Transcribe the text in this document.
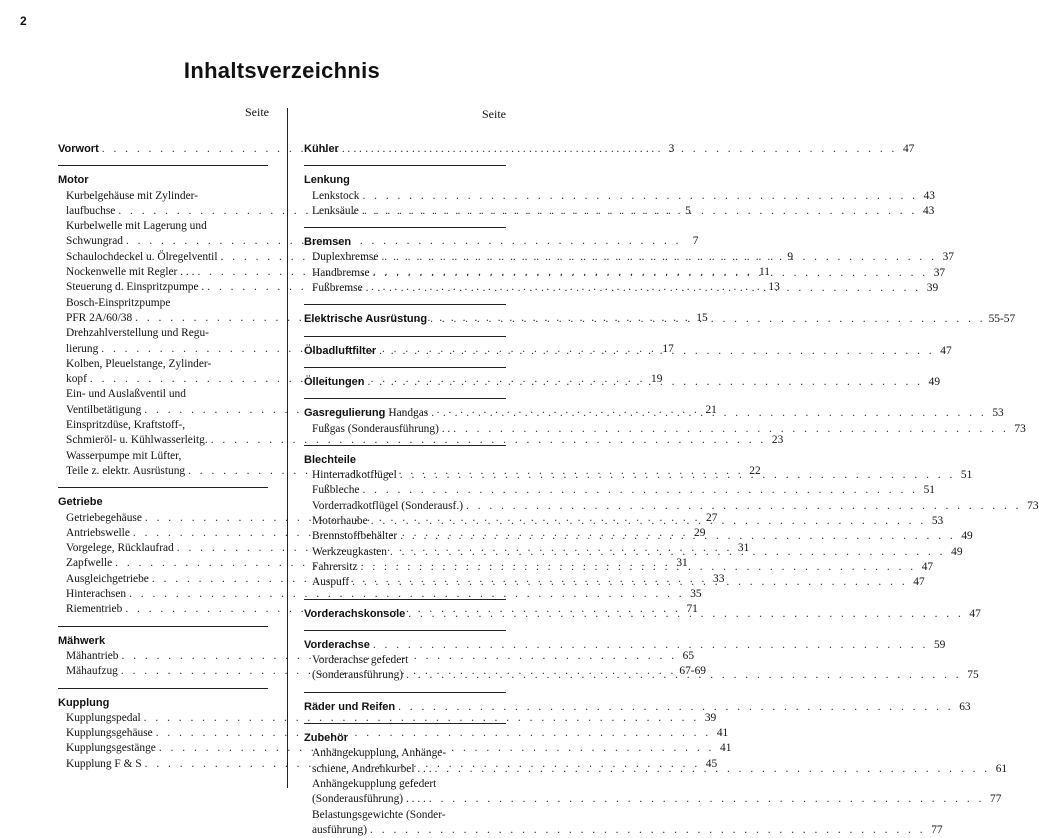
2
Inhaltsverzeichnis
Seite
Vorwort . . .	3
Motor
Kurbelgehäuse mit Zylinder-
laufbuchse . . .	5
Kurbelwelle mit Lagerung und
Schwungrad . . .	7
Schaulochdeckel u. Ölregelventil . . .	9
Nockenwelle mit Regler . . . . . .	11
Steuerung d. Einspritzpumpe . . . .	13
Bosch-Einspritzpumpe
PFR 2A/60/38 . . .	15
Drehzahlverstellung und Regu-
lierung . . .	17
Kolben, Pleuelstange, Zylinder-
kopf . . .	19
Ein- und Auslaßventil und
Ventilbetätigung . . .	21
Einspritzdüse, Kraftstoff-,
Schmieröl- u. Kühlwasserleitg. . . .	23
Wasserpumpe mit Lüfter,
Teile z. elektr. Ausrüstung . . .	22
Getriebe
Getriebegehäuse . . .	27
Antriebswelle . . .	29
Vorgelege, Rücklaufrad . . .	31
Zapfwelle . . .	31
Ausgleichgetriebe . . .	33
Hinterachsen . . .	35
Riementrieb . . .	71
Mähwerk
Mähantrieb . . .	65
Mähaufzug . . .	67-69
Kupplung
Kupplungspedal . . .	39
Kupplungsgehäuse . . .	41
Kupplungsgestänge . . .	41
Kupplung F & S . . .	45
Seite
Kühler . . .	47
Lenkung
Lenkstock . . .	43
Lenksäule . . .	43
Bremsen
Duplexbremse . . .	37
Handbremse . . .	37
Fußbremse . . .	39
Elektrische Ausrüstung . . .	55-57
Ölbadluftfilter . . .	47
Ölleitungen . . .	49
Gasregulierung Handgas . . .	53
Fußgas (Sonderausführung) . . . . .	73
Blechteile
Hinterradkotflügel . . .	51
Fußbleche . . .	51
Vorderradkotflügel (Sonderausf.) . . .	73
Motorhaube . . .	53
Brennstoffbehälter . . .	49
Werkzeugkasten . . .	49
Fahrersitz . . .	47
Auspuff . . .	47
Vorderachskonsole . . .	47
Vorderachse . . .	59
Vorderachse gefedert
(Sonderausführung) . . .	75
Räder und Reifen . . .	63
Zubehör
Anhängekupplung, Anhänge-
schiene, Andrehkurbel . . . . . .	61
Anhängekupplung gefedert
(Sonderausführung) . . . . . . .	77
Belastungsgewichte (Sonder-
ausführung) . . .	77
